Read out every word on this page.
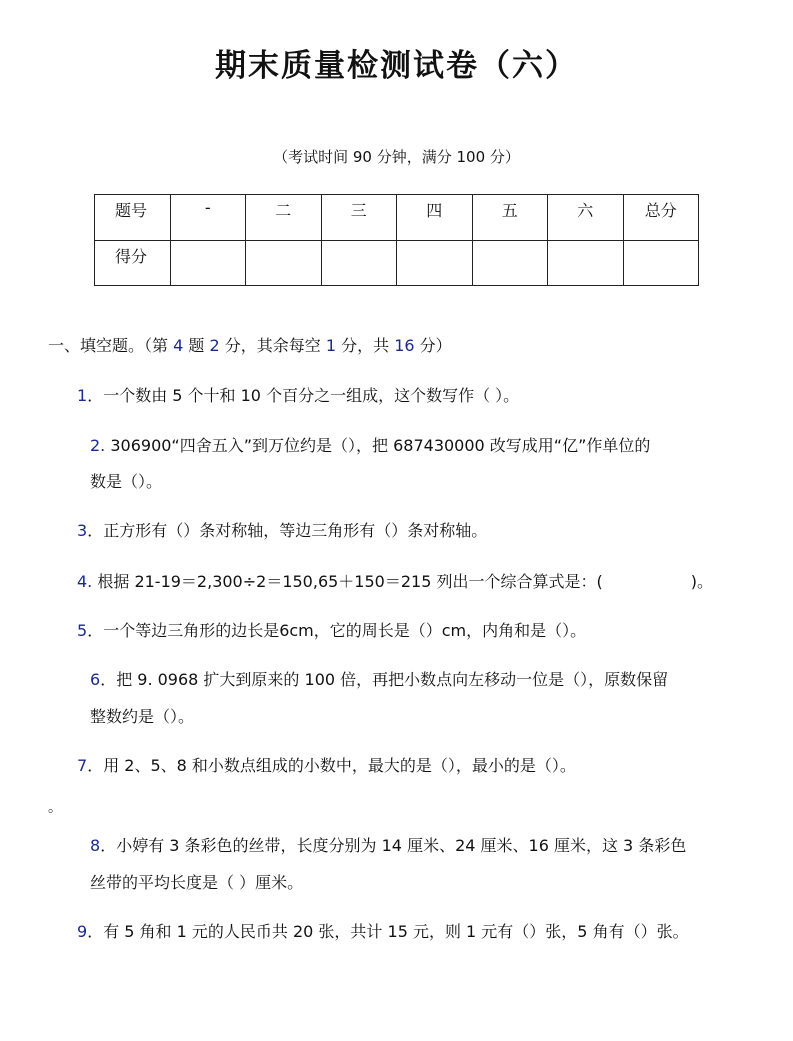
期末质量检测试卷（六）
（考试时间 90 分钟，满分 100 分）
题号	-	二	三	四	五	六	总分
得分							
一、填空题。（第 4 题 2 分，其余每空 1 分，共 16 分）
1．一个数由 5 个十和 10 个百分之一组成，这个数写作（ ）。
2. 306900“四舍五入”到万位约是（），把 687430000 改写成用“亿”作单位的
数是（）。
3．正方形有（）条对称轴，等边三角形有（）条对称轴。
4. 根据 21-19＝2,300÷2＝150,65＋150＝215 列出一个综合算式是：(	)。
5．一个等边三角形的边长是6cm，它的周长是（）cm，内角和是（）。
6．把 9. 0968 扩大到原来的 100 倍，再把小数点向左移动一位是（），原数保留
整数约是（）。
7．用 2、5、8 和小数点组成的小数中，最大的是（），最小的是（）。
。
8．小婷有 3 条彩色的丝带，长度分别为 14 厘米、24 厘米、16 厘米，这 3 条彩色
丝带的平均长度是（ ）厘米。
9．有 5 角和 1 元的人民币共 20 张，共计 15 元，则 1 元有（）张，5 角有（）张。
